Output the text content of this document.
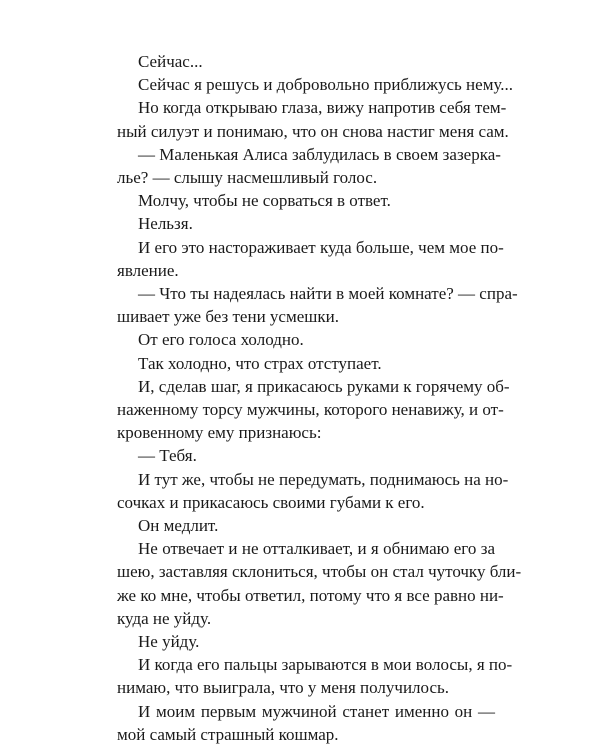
Сейчас...
Сейчас я решусь и добровольно приближусь нему...
Но когда открываю глаза, вижу напротив себя тем-
ный силуэт и понимаю, что он снова настиг меня сам.
— Маленькая Алиса заблудилась в своем зазерка-
лье? — слышу насмешливый голос.
Молчу, чтобы не сорваться в ответ.
Нельзя.
И его это настораживает куда больше, чем мое по-
явление.
— Что ты надеялась найти в моей комнате? — спра-
шивает уже без тени усмешки.
От его голоса холодно.
Так холодно, что страх отступает.
И, сделав шаг, я прикасаюсь руками к горячему об-
наженному торсу мужчины, которого ненавижу, и от-
кровенному ему признаюсь:
— Тебя.
И тут же, чтобы не передумать, поднимаюсь на но-
сочках и прикасаюсь своими губами к его.
Он медлит.
Не отвечает и не отталкивает, и я обнимаю его за
шею, заставляя склониться, чтобы он стал чуточку бли-
же ко мне, чтобы ответил, потому что я все равно ни-
куда не уйду.
Не уйду.
И когда его пальцы зарываются в мои волосы, я по-
нимаю, что выиграла, что у меня получилось.
И моим первым мужчиной станет именно он —
мой самый страшный кошмар.
